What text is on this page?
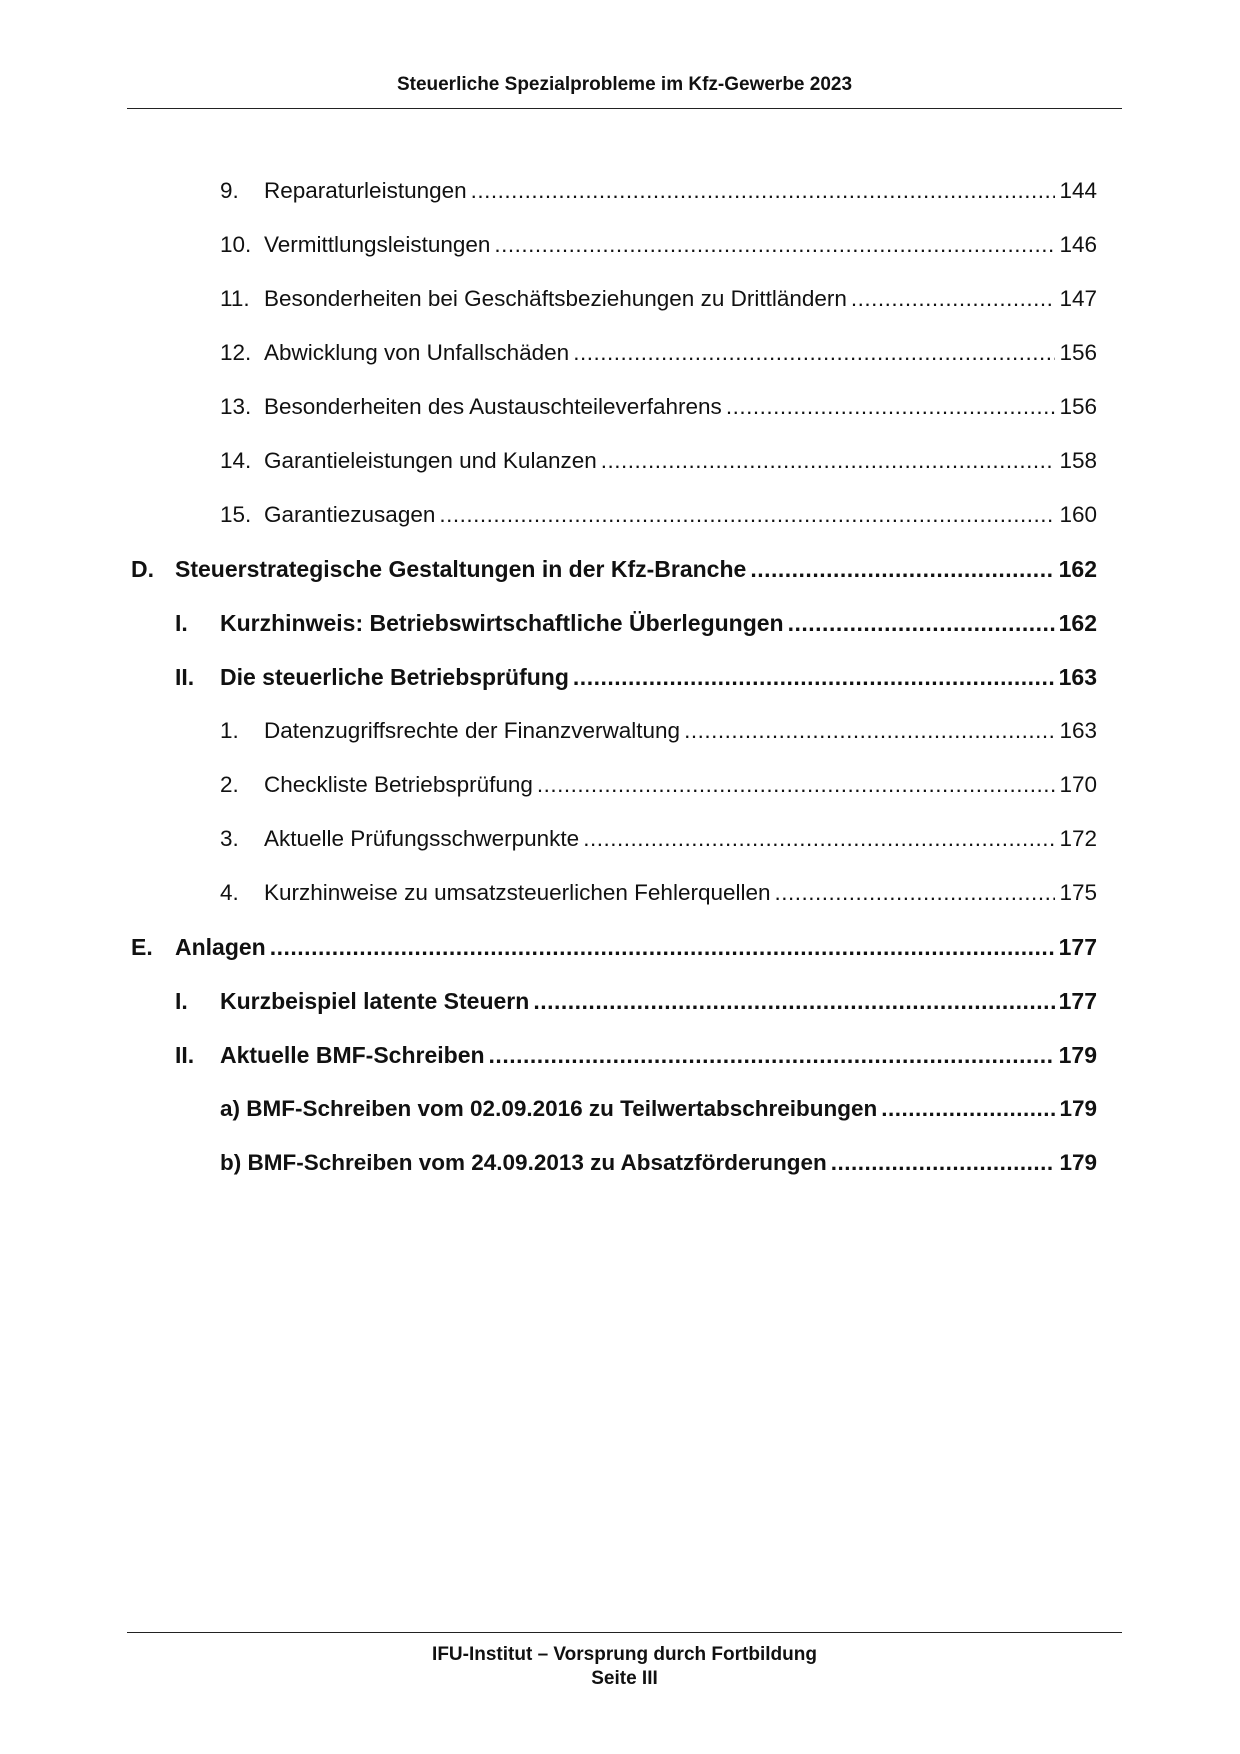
Steuerliche Spezialprobleme im Kfz-Gewerbe 2023
9.	Reparaturleistungen .....	144
10. Vermittlungsleistungen .....	146
11. Besonderheiten bei Geschäftsbeziehungen zu Drittländern .....	147
12. Abwicklung von Unfallschäden .....	156
13. Besonderheiten des Austauschteileverfahrens .....	156
14. Garantieleistungen und Kulanzen .....	158
15. Garantiezusagen .....	160
D. Steuerstrategische Gestaltungen in der Kfz-Branche .....	162
I.	Kurzhinweis: Betriebswirtschaftliche Überlegungen .....	162
II.	Die steuerliche Betriebsprüfung .....	163
1.	Datenzugriffsrechte der Finanzverwaltung .....	163
2.	Checkliste Betriebsprüfung .....	170
3.	Aktuelle Prüfungsschwerpunkte .....	172
4.	Kurzhinweise zu umsatzsteuerlichen Fehlerquellen .....	175
E. Anlagen .....	177
I.	Kurzbeispiel latente Steuern .....	177
II.	Aktuelle BMF-Schreiben .....	179
a) BMF-Schreiben vom 02.09.2016 zu Teilwertabschreibungen .....	179
b) BMF-Schreiben vom 24.09.2013 zu Absatzförderungen .....	179
IFU-Institut – Vorsprung durch Fortbildung
Seite III
